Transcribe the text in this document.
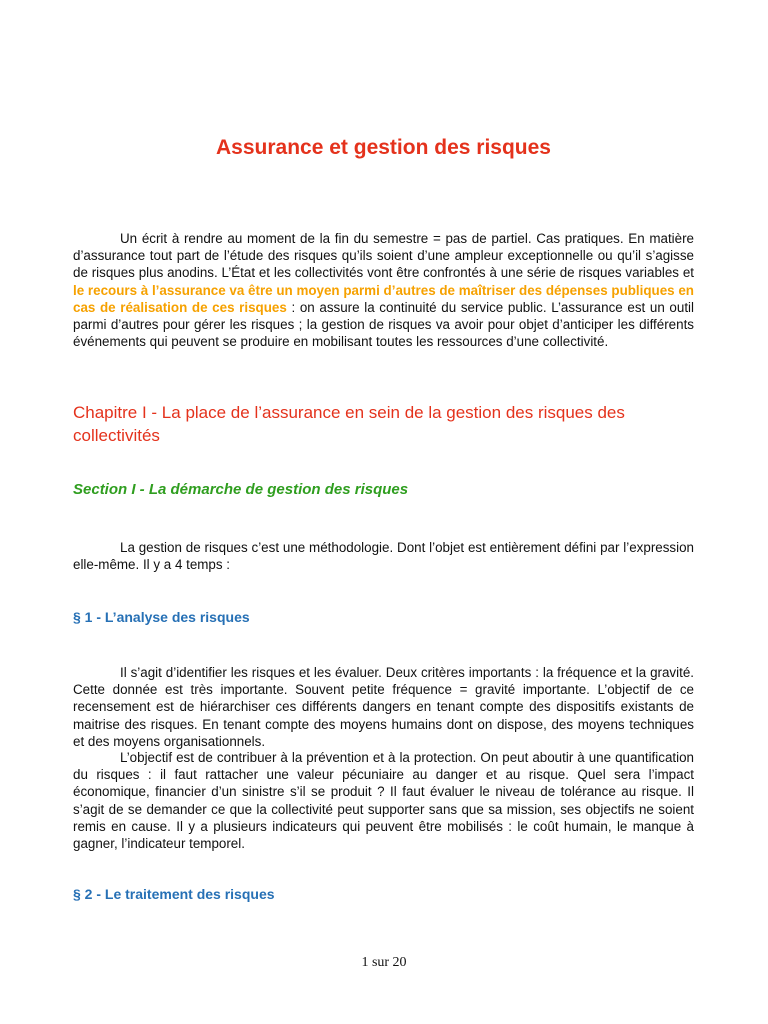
Assurance et gestion des risques

Un écrit à rendre au moment de la fin du semestre = pas de partiel. Cas pratiques. En matière d’assurance tout part de l’étude des risques qu’ils soient d’une ampleur exceptionnelle ou qu’il s’agisse de risques plus anodins. L’État et les collectivités vont être confrontés à une série de risques variables et le recours à l’assurance va être un moyen parmi d’autres de maîtriser des dépenses publiques en cas de réalisation de ces risques : on assure la continuité du service public. L’assurance est un outil parmi d’autres pour gérer les risques ; la gestion de risques va avoir pour objet d’anticiper les différents événements qui peuvent se produire en mobilisant toutes les ressources d’une collectivité.

Chapitre I - La place de l’assurance en sein de la gestion des risques des collectivités
Section I - La démarche de gestion des risques

La gestion de risques c’est une méthodologie. Dont l’objet est entièrement défini par l’expression elle-même. Il y a 4 temps :

§ 1 - L’analyse des risques

Il s’agit d’identifier les risques et les évaluer. Deux critères importants : la fréquence et la gravité. Cette donnée est très importante. Souvent petite fréquence = gravité importante. L’objectif de ce recensement est de hiérarchiser ces différents dangers en tenant compte des dispositifs existants de maitrise des risques. En tenant compte des moyens humains dont on dispose, des moyens techniques et des moyens organisationnels.

L’objectif est de contribuer à la prévention et à la protection. On peut aboutir à une quantification du risques : il faut rattacher une valeur pécuniaire au danger et au risque. Quel sera l’impact économique, financier d’un sinistre s’il se produit ? Il faut évaluer le niveau de tolérance au risque. Il s’agit de se demander ce que la collectivité peut supporter sans que sa mission, ses objectifs ne soient remis en cause. Il y a plusieurs indicateurs qui peuvent être mobilisés : le coût humain, le manque à gagner, l’indicateur temporel.

§ 2 - Le traitement des risques
1 sur 20
